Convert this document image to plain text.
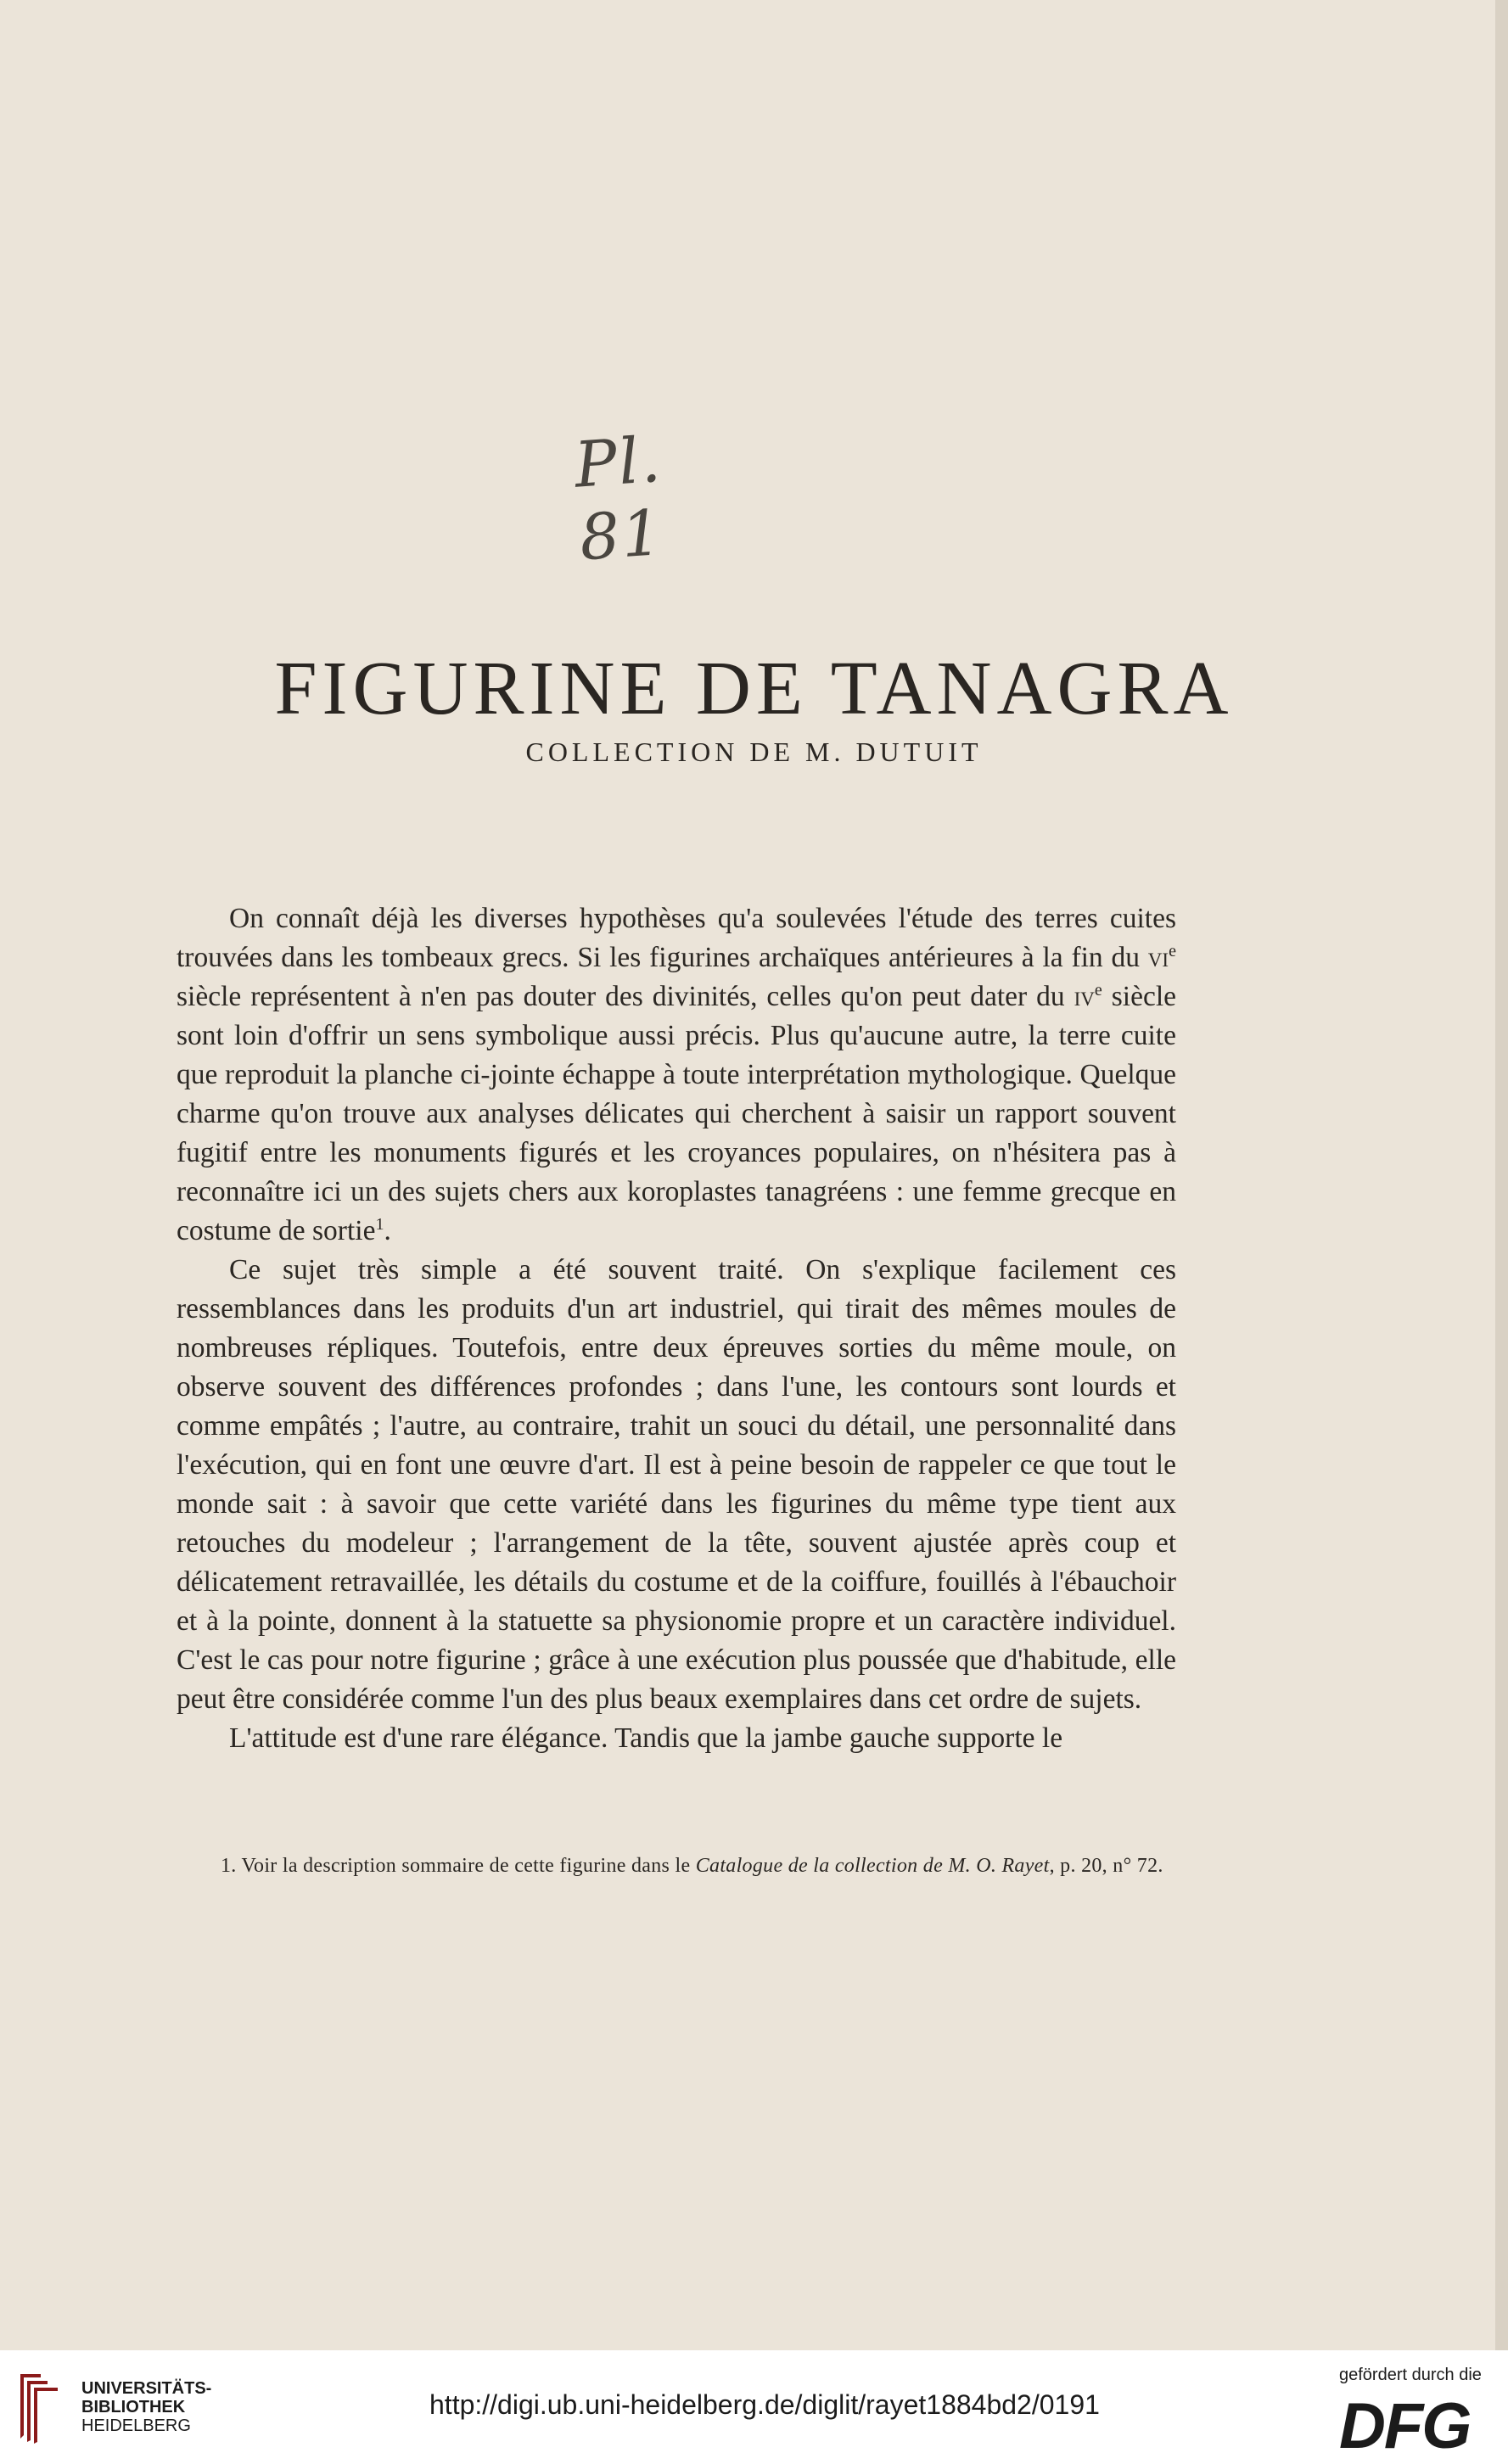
Pl. 81
FIGURINE DE TANAGRA
COLLECTION DE M. DUTUIT

On connaît déjà les diverses hypothèses qu'a soulevées l'étude des terres cuites trouvées dans les tombeaux grecs. Si les figurines archaïques antérieures à la fin du $vi^e$ siècle représentent à n'en pas douter des divinités, celles qu'on peut dater du $iv^e$ siècle sont loin d'offrir un sens symbolique aussi précis. Plus qu'aucune autre, la terre cuite que reproduit la planche ci-jointe échappe à toute interprétation mythologique. Quelque charme qu'on trouve aux analyses délicates qui cherchent à saisir un rapport souvent fugitif entre les monuments figurés et les croyances populaires, on n'hésitera pas à reconnaître ici un des sujets chers aux koroplastes tanagréens : une femme grecque en costume de sortie$^1$.

Ce sujet très simple a été souvent traité. On s'explique facilement ces ressemblances dans les produits d'un art industriel, qui tirait des mêmes moules de nombreuses répliques. Toutefois, entre deux épreuves sorties du même moule, on observe souvent des différences profondes ; dans l'une, les contours sont lourds et comme empâtés ; l'autre, au contraire, trahit un souci du détail, une personnalité dans l'exécution, qui en font une œuvre d'art. Il est à peine besoin de rappeler ce que tout le monde sait : à savoir que cette variété dans les figurines du même type tient aux retouches du modeleur ; l'arrangement de la tête, souvent ajustée après coup et délicatement retravaillée, les détails du costume et de la coiffure, fouillés à l'ébauchoir et à la pointe, donnent à la statuette sa physionomie propre et un caractère individuel. C'est le cas pour notre figurine ; grâce à une exécution plus poussée que d'habitude, elle peut être considérée comme l'un des plus beaux exemplaires dans cet ordre de sujets.

L'attitude est d'une rare élégance. Tandis que la jambe gauche supporte le

1. Voir la description sommaire de cette figurine dans le Catalogue de la collection de M. O. Rayet, p. 20, n° 72.
UNIVERSITÄTS-
BIBLIOTHEK
HEIDELBERG
http://digi.ub.uni-heidelberg.de/diglit/rayet1884bd2/0191
gefördert durch die
DFG
